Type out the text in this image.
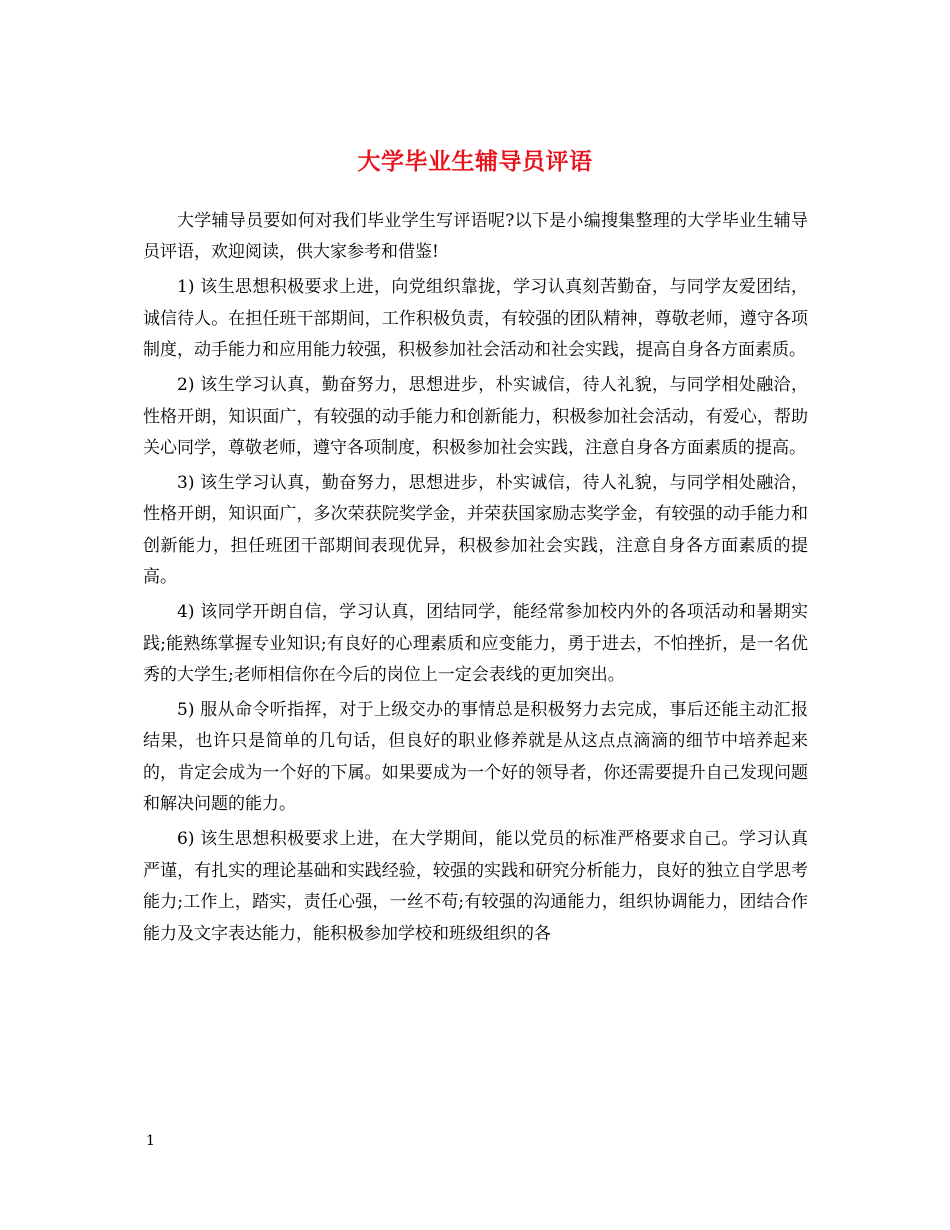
大学毕业生辅导员评语

大学辅导员要如何对我们毕业学生写评语呢?以下是小编搜集整理的大学毕业生辅导员评语，欢迎阅读，供大家参考和借鉴!

1) 该生思想积极要求上进，向党组织靠拢，学习认真刻苦勤奋，与同学友爱团结，诚信待人。在担任班干部期间，工作积极负责，有较强的团队精神，尊敬老师，遵守各项制度，动手能力和应用能力较强，积极参加社会活动和社会实践，提高自身各方面素质。

2) 该生学习认真，勤奋努力，思想进步，朴实诚信，待人礼貌，与同学相处融洽，性格开朗，知识面广，有较强的动手能力和创新能力，积极参加社会活动，有爱心，帮助关心同学，尊敬老师，遵守各项制度，积极参加社会实践，注意自身各方面素质的提高。

3) 该生学习认真，勤奋努力，思想进步，朴实诚信，待人礼貌，与同学相处融洽，性格开朗，知识面广，多次荣获院奖学金，并荣获国家励志奖学金，有较强的动手能力和创新能力，担任班团干部期间表现优异，积极参加社会实践，注意自身各方面素质的提高。

4) 该同学开朗自信，学习认真，团结同学，能经常参加校内外的各项活动和暑期实践;能熟练掌握专业知识;有良好的心理素质和应变能力，勇于进去，不怕挫折，是一名优秀的大学生;老师相信你在今后的岗位上一定会表线的更加突出。

5) 服从命令听指挥，对于上级交办的事情总是积极努力去完成，事后还能主动汇报结果，也许只是简单的几句话，但良好的职业修养就是从这点点滴滴的细节中培养起来的，肯定会成为一个好的下属。如果要成为一个好的领导者，你还需要提升自己发现问题和解决问题的能力。

6) 该生思想积极要求上进，在大学期间，能以党员的标准严格要求自己。学习认真严谨，有扎实的理论基础和实践经验，较强的实践和研究分析能力，良好的独立自学思考能力;工作上，踏实，责任心强，一丝不苟;有较强的沟通能力，组织协调能力，团结合作能力及文字表达能力，能积极参加学校和班级组织的各

1
